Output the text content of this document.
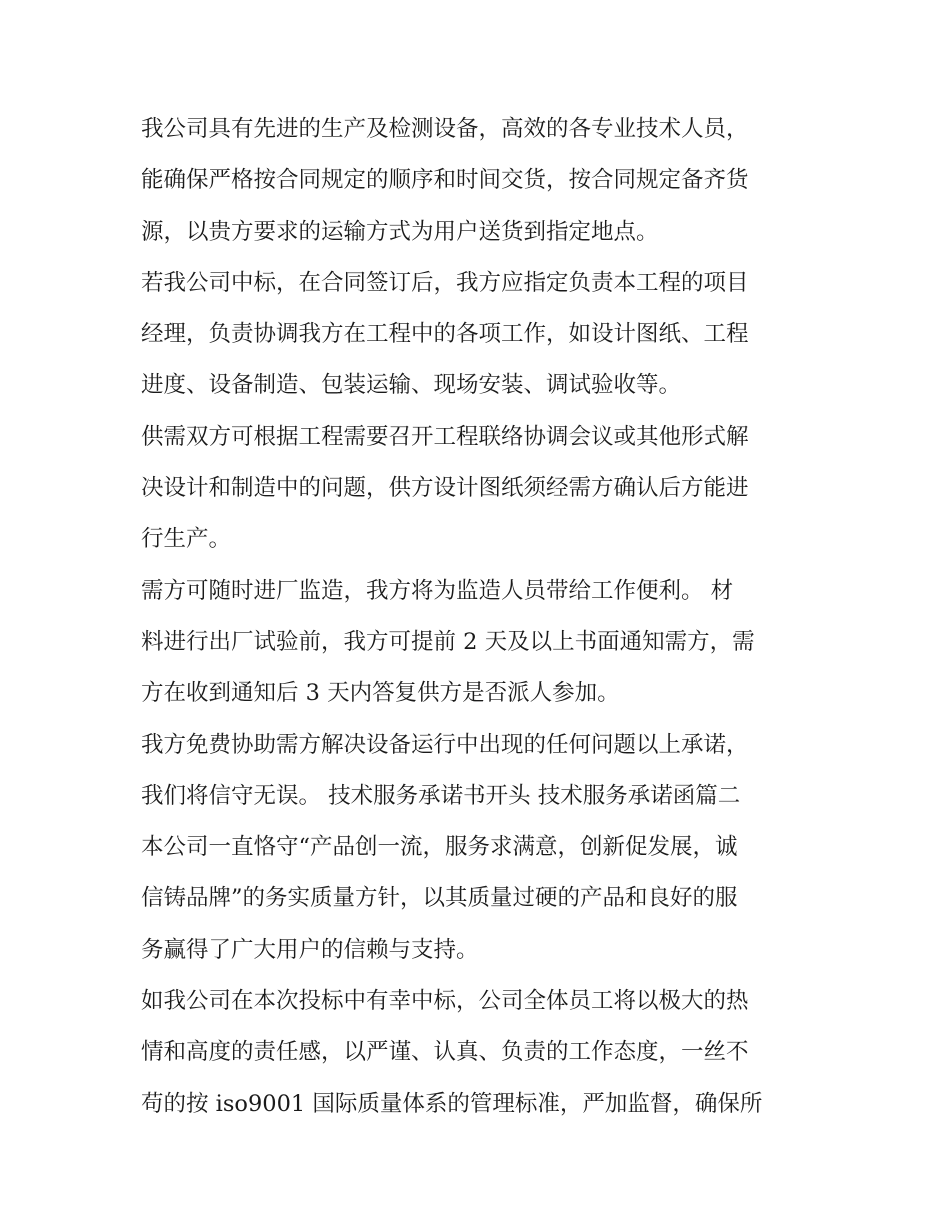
我公司具有先进的生产及检测设备，高效的各专业技术人员，
能确保严格按合同规定的顺序和时间交货，按合同规定备齐货
源，以贵方要求的运输方式为用户送货到指定地点。

若我公司中标，在合同签订后，我方应指定负责本工程的项目
经理，负责协调我方在工程中的各项工作，如设计图纸、工程
进度、设备制造、包装运输、现场安装、调试验收等。

供需双方可根据工程需要召开工程联络协调会议或其他形式解
决设计和制造中的问题，供方设计图纸须经需方确认后方能进
行生产。

需方可随时进厂监造，我方将为监造人员带给工作便利。 材
料进行出厂试验前，我方可提前 2 天及以上书面通知需方，需
方在收到通知后 3 天内答复供方是否派人参加。

我方免费协助需方解决设备运行中出现的任何问题以上承诺，
我们将信守无误。 技术服务承诺书开头 技术服务承诺函篇二
本公司一直恪守“产品创一流，服务求满意，创新促发展，诚
信铸品牌”的务实质量方针，以其质量过硬的产品和良好的服
务赢得了广大用户的信赖与支持。

如我公司在本次投标中有幸中标，公司全体员工将以极大的热
情和高度的责任感，以严谨、认真、负责的工作态度，一丝不
苟的按 iso9001 国际质量体系的管理标准，严加监督，确保所
